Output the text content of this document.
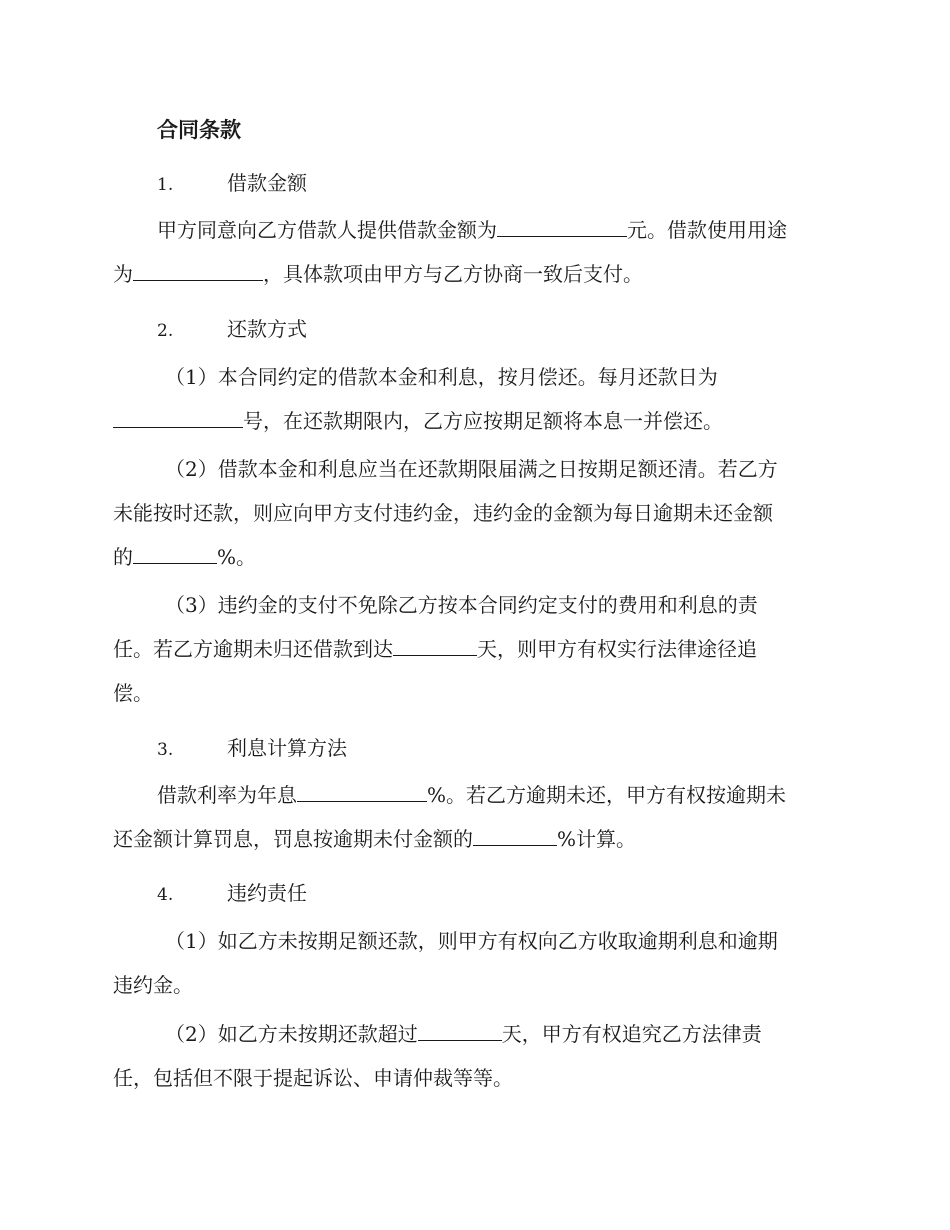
合同条款
1.	借款金额
甲方同意向乙方借款人提供借款金额为	元。借款使用用途
为	，具体款项由甲方与乙方协商一致后支付。
2.	还款方式
（1）本合同约定的借款本金和利息，按月偿还。每月还款日为
号，在还款期限内，乙方应按期足额将本息一并偿还。
（2）借款本金和利息应当在还款期限届满之日按期足额还清。若乙方
未能按时还款，则应向甲方支付违约金，违约金的金额为每日逾期未还金额
的	%。
（3）违约金的支付不免除乙方按本合同约定支付的费用和利息的责
任。若乙方逾期未归还借款到达	天，则甲方有权实行法律途径追
偿。
3.	利息计算方法
借款利率为年息	%。若乙方逾期未还，甲方有权按逾期未
还金额计算罚息，罚息按逾期未付金额的	%计算。
4.	违约责任
（1）如乙方未按期足额还款，则甲方有权向乙方收取逾期利息和逾期
违约金。
（2）如乙方未按期还款超过	天，甲方有权追究乙方法律责
任，包括但不限于提起诉讼、申请仲裁等等。
